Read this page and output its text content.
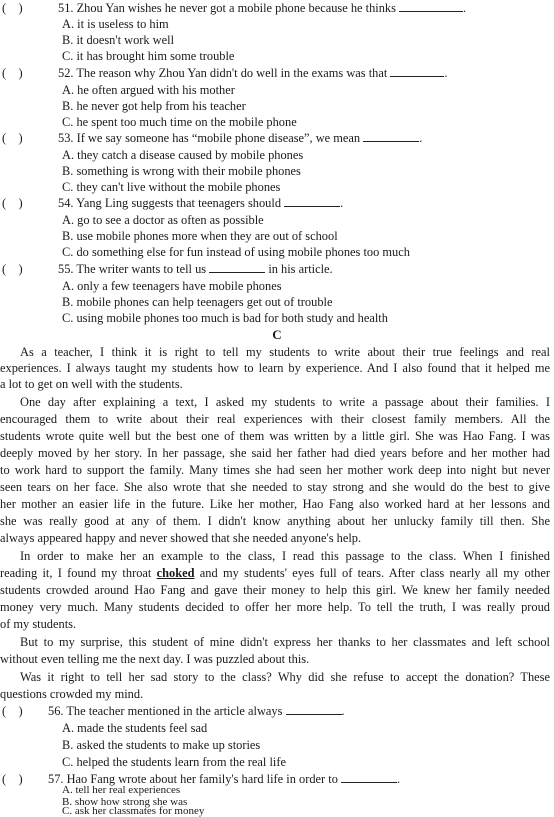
(    )	51. Zhou Yan wishes he never got a mobile phone because he thinks	.
A. it is useless to him
B. it doesn't work well
C. it has brought him some trouble
(    )	52. The reason why Zhou Yan didn't do well in the exams was that	.
A. he often argued with his mother
B. he never got help from his teacher
C. he spent too much time on the mobile phone
(    )	53. If we say someone has “mobile phone disease”, we mean	.
A. they catch a disease caused by mobile phones
B. something is wrong with their mobile phones
C. they can't live without the mobile phones
(    )	54. Yang Ling suggests that teenagers should	.
A. go to see a doctor as often as possible
B. use mobile phones more when they are out of school
C. do something else for fun instead of using mobile phones too much
(    )	55. The writer wants to tell us	in his article.
A. only a few teenagers have mobile phones
B. mobile phones can help teenagers get out of trouble
C. using mobile phones too much is bad for both study and health
C
As a teacher, I think it is right to tell my students to write about their true feelings and real
experiences. I always taught my students how to learn by experience. And I also found that it helped me
a lot to get on well with the students.
One day after explaining a text, I asked my students to write a passage about their families. I
encouraged them to write about their real experiences with their closest family members. All the
students wrote quite well but the best one of them was written by a little girl. She was Hao Fang. I was
deeply moved by her story. In her passage, she said her father had died years before and her mother had
to work hard to support the family. Many times she had seen her mother work deep into night but never
seen tears on her face. She also wrote that she needed to stay strong and she would do the best to give
her mother an easier life in the future. Like her mother, Hao Fang also worked hard at her lessons and
she was really good at any of them. I didn't know anything about her unlucky family till then. She
always appeared happy and never showed that she needed anyone's help.
In order to make her an example to the class, I read this passage to the class. When I finished
reading it, I found my throat choked and my students' eyes full of tears. After class nearly all my other
students crowded around Hao Fang and gave their money to help this girl. We knew her family needed
money very much. Many students decided to offer her more help. To tell the truth, I was really proud
of my students.
But to my surprise, this student of mine didn't express her thanks to her classmates and left school
without even telling me the next day. I was puzzled about this.
Was it right to tell her sad story to the class? Why did she refuse to accept the donation? These
questions crowded my mind.
(    ) 56. The teacher mentioned in the article always	.
A. made the students feel sad
B. asked the students to make up stories
C. helped the students learn from the real life
(    ) 57. Hao Fang wrote about her family's hard life in order to	.
A. tell her real experiences
B. show how strong she was
C. ask her classmates for money
